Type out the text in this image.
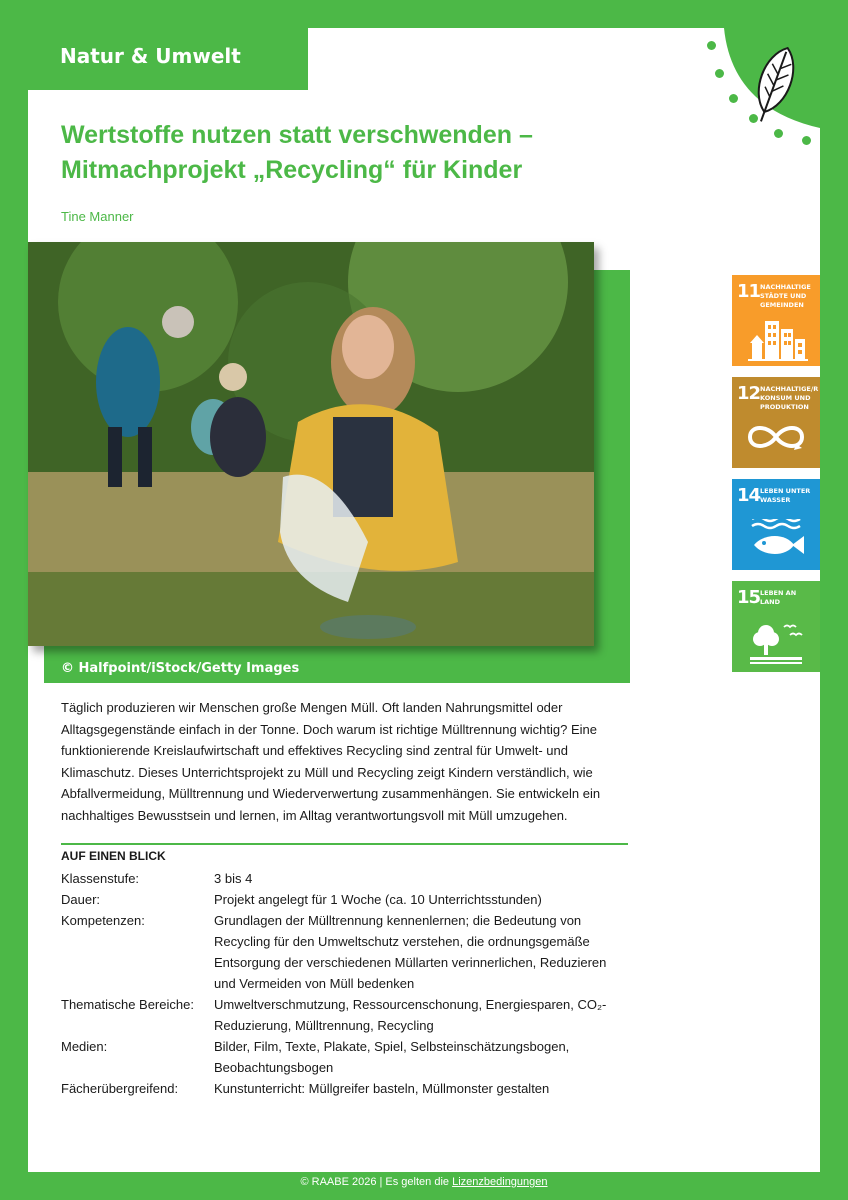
Natur & Umwelt
Wertstoffe nutzen statt verschwenden –
Mitmachprojekt „Recycling“ für Kinder
Tine Manner
© Halfpoint/iStock/Getty Images
11 NACHHALTIGE STÄDTE UND GEMEINDEN
12 NACHHALTIGE/R KONSUM UND PRODUKTION
14 LEBEN UNTER WASSER
15 LEBEN AN LAND

Täglich produzieren wir Menschen große Mengen Müll. Oft landen Nahrungsmittel oder Alltagsgegenstände einfach in der Tonne. Doch warum ist richtige Mülltrennung wichtig? Eine funktionierende Kreislaufwirtschaft und effektives Recycling sind zentral für Umwelt- und Klimaschutz. Dieses Unterrichtsprojekt zu Müll und Recycling zeigt Kindern verständlich, wie Abfallvermeidung, Mülltrennung und Wiederverwertung zusammenhängen. Sie entwickeln ein nachhaltiges Bewusstsein und lernen, im Alltag verantwortungsvoll mit Müll umzugehen.

AUF EINEN BLICK
Klassenstufe:	3 bis 4
Dauer:	Projekt angelegt für 1 Woche (ca. 10 Unterrichtsstunden)
Kompetenzen:	Grundlagen der Mülltrennung kennenlernen; die Bedeutung von Recycling für den Umweltschutz verstehen, die ordnungsgemäße Entsorgung der verschiedenen Müllarten verinnerlichen, Reduzieren und Vermeiden von Müll bedenken
Thematische Bereiche:	Umweltverschmutzung, Ressourcenschonung, Energiesparen, CO₂-Reduzierung, Mülltrennung, Recycling
Medien:	Bilder, Film, Texte, Plakate, Spiel, Selbsteinschätzungsbogen, Beobachtungsbogen
Fächerübergreifend:	Kunstunterricht: Müllgreifer basteln, Müllmonster gestalten
© RAABE 2026 | Es gelten die Lizenzbedingungen
